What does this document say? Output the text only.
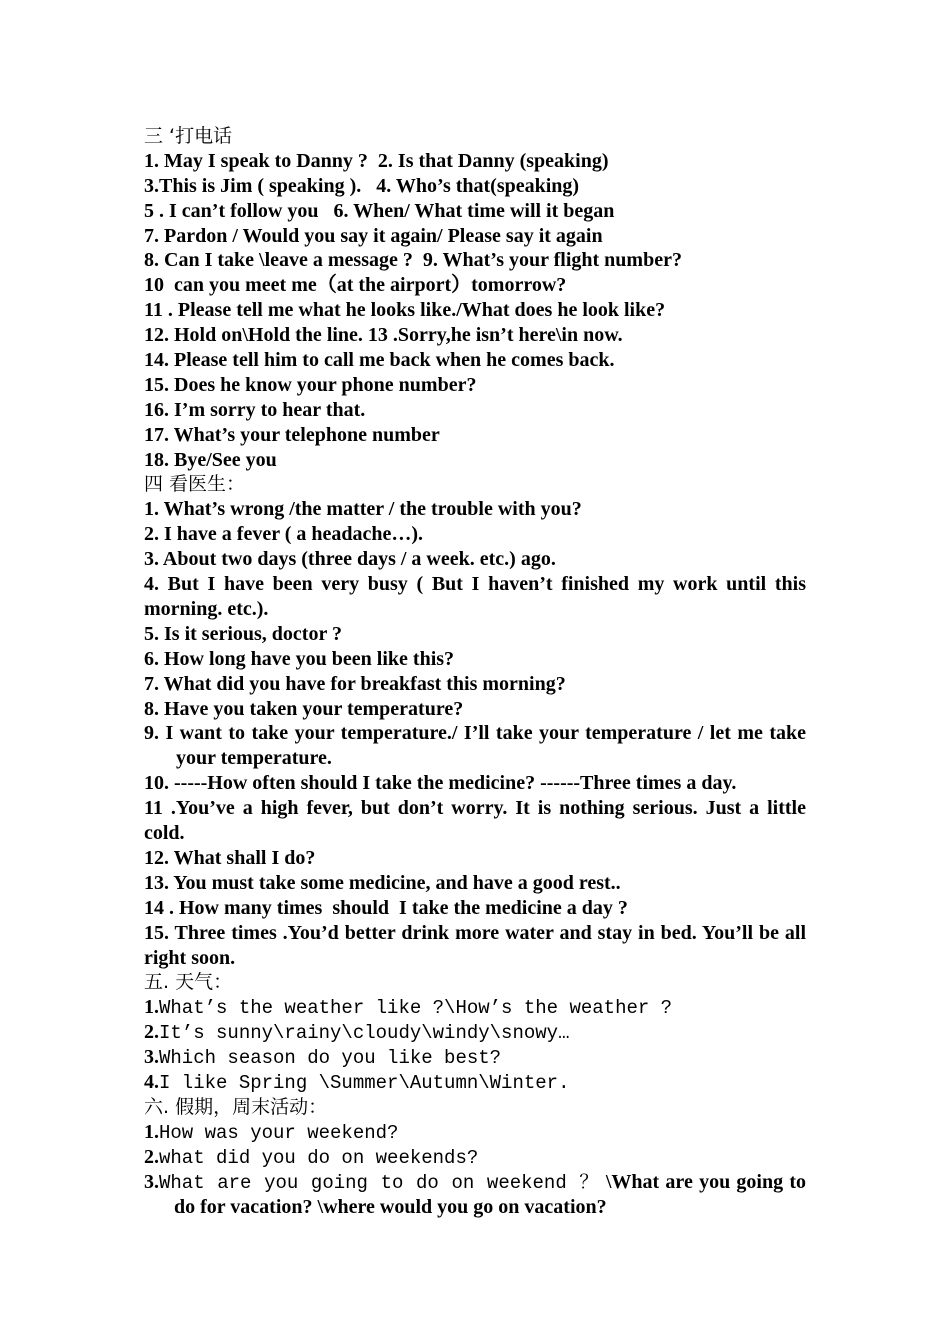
三 ‘打电话
1. May I speak to Danny ?  2. Is that Danny (speaking)
3.This is Jim ( speaking ).   4. Who’s that(speaking)
5 . I can’t follow you   6. When/ What time will it began
7. Pardon / Would you say it again/ Please say it again
8. Can I take \leave a message ?  9. What’s your flight number?
10  can you meet me（at the airport）tomorrow?
11 . Please tell me what he looks like./What does he look like?
12. Hold on\Hold the line. 13 .Sorry,he isn’t here\in now.
14. Please tell him to call me back when he comes back.
15. Does he know your phone number?
16. I’m sorry to hear that.
17. What’s your telephone number
18. Bye/See you
四 看医生：
1. What’s wrong /the matter / the trouble with you?
2. I have a fever ( a headache…).
3. About two days (three days / a week. etc.) ago.
4. But I have been very busy ( But I haven’t finished my work until this morning. etc.).
5. Is it serious, doctor ?
6. How long have you been like this?
7. What did you have for breakfast this morning?
8. Have you taken your temperature?
9. I want to take your temperature./ I’ll take your temperature / let me take your temperature.
10. -----How often should I take the medicine? ------Three times a day.
11 .You’ve a high fever, but don’t worry. It is nothing serious. Just a little cold.
12. What shall I do?
13. You must take some medicine, and have a good rest..
14 . How many times  should  I take the medicine a day ?
15. Three times .You’d better drink more water and stay in bed. You’ll be all right soon.
五. 天气：
1.What’s the weather like ?\How’s the weather ?
2.It’s sunny\rainy\cloudy\windy\snowy…
3.Which season do you like best?
4.I like Spring \Summer\Autumn\Winter.
六. 假期，周末活动：
1.How was your weekend?
2.what did you do on weekends?
3.What are you going to do on weekend ？ \What are you going to do for vacation? \where would you go on vacation?
